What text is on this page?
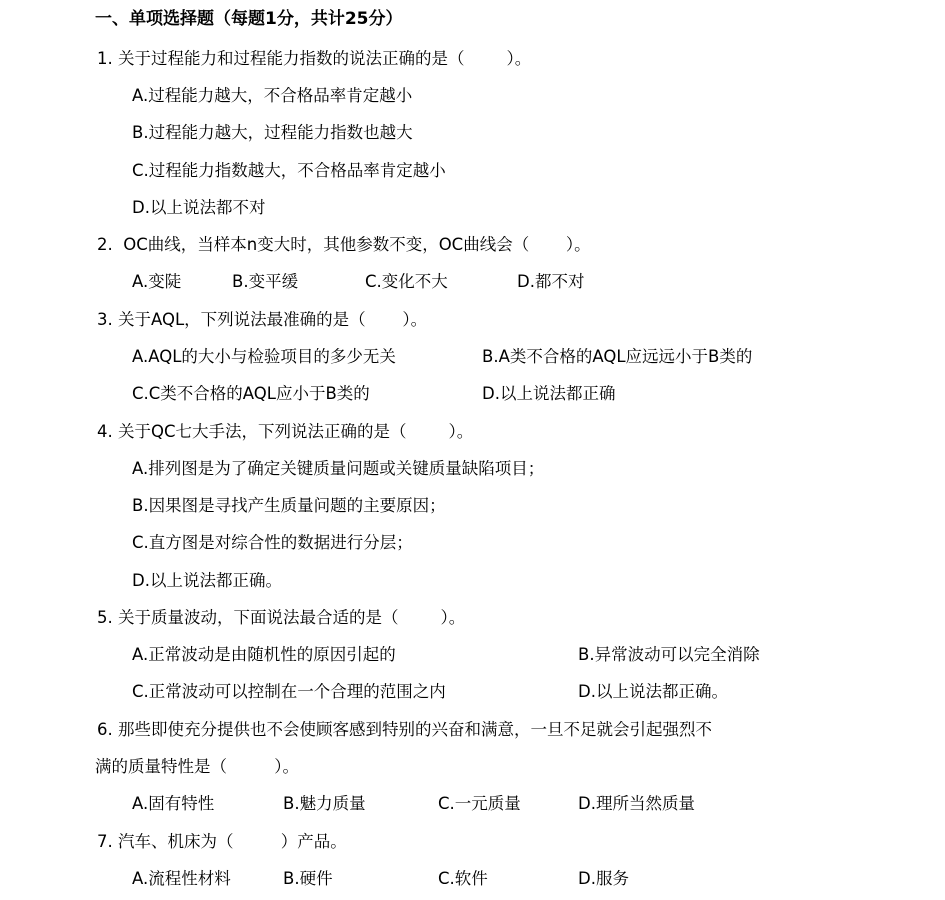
一、单项选择题（每题1分，共计25分）
1. 关于过程能力和过程能力指数的说法正确的是（        ）。
A.过程能力越大，不合格品率肯定越小
B.过程能力越大，过程能力指数也越大
C.过程能力指数越大，不合格品率肯定越小
D.以上说法都不对
2.  OC曲线，当样本n变大时，其他参数不变，OC曲线会（       ）。
A.变陡	B.变平缓	C.变化不大	D.都不对
3. 关于AQL，下列说法最准确的是（       ）。
A.AQL的大小与检验项目的多少无关	B.A类不合格的AQL应远远小于B类的
C.C类不合格的AQL应小于B类的	D.以上说法都正确
4. 关于QC七大手法，下列说法正确的是（        ）。
A.排列图是为了确定关键质量问题或关键质量缺陷项目；
B.因果图是寻找产生质量问题的主要原因；
C.直方图是对综合性的数据进行分层；
D.以上说法都正确。
5. 关于质量波动，下面说法最合适的是（        ）。
A.正常波动是由随机性的原因引起的	B.异常波动可以完全消除
C.正常波动可以控制在一个合理的范围之内	D.以上说法都正确。
6. 那些即使充分提供也不会使顾客感到特别的兴奋和满意，一旦不足就会引起强烈不
满的质量特性是（         ）。
A.固有特性	B.魅力质量	C.一元质量	D.理所当然质量
7. 汽车、机床为（         ）产品。
A.流程性材料	B.硬件	C.软件	D.服务
